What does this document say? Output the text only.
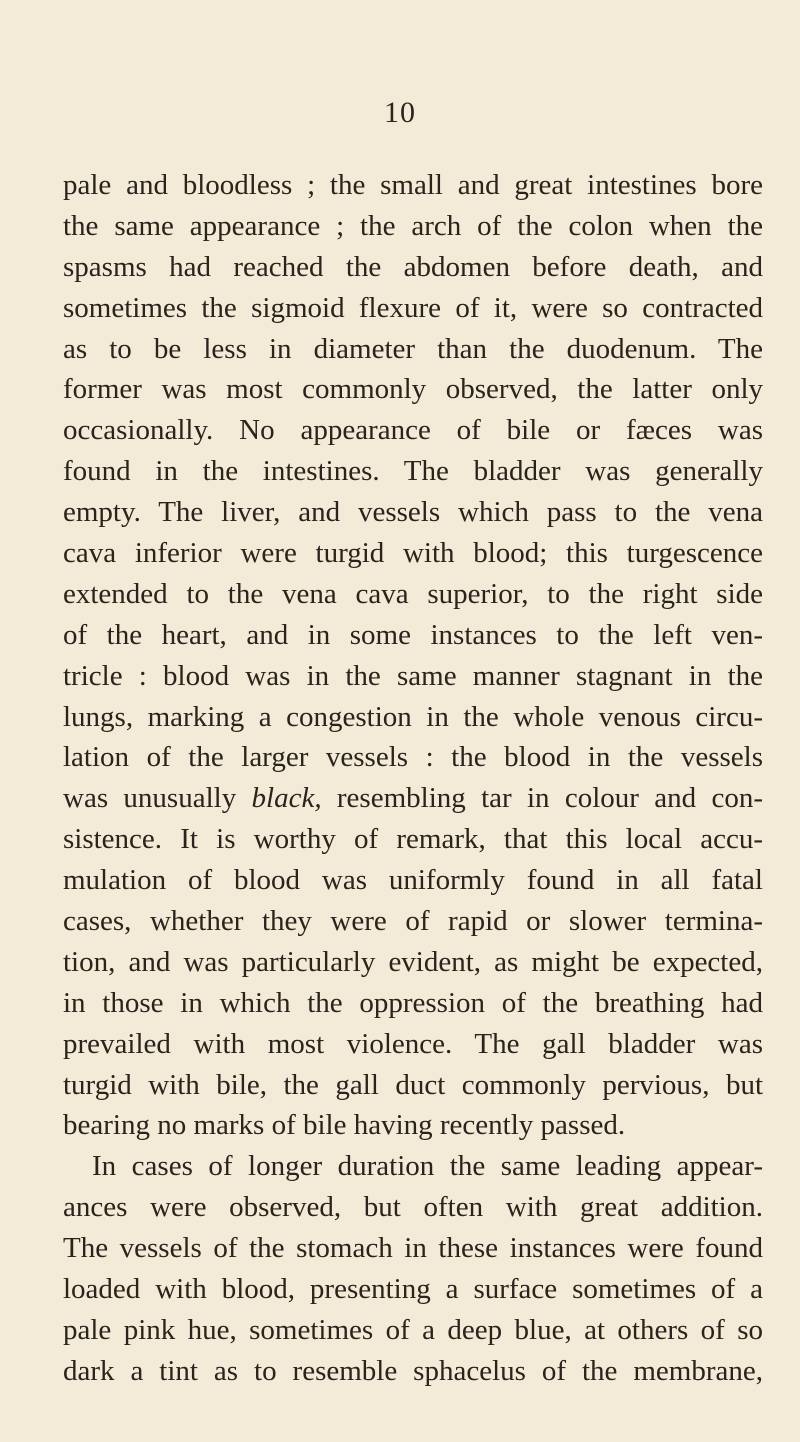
10
pale and bloodless ; the small and great intestines bore
the same appearance ; the arch of the colon when the
spasms had reached the abdomen before death, and
sometimes the sigmoid flexure of it, were so contracted
as to be less in diameter than the duodenum. The
former was most commonly observed, the latter only
occasionally. No appearance of bile or fæces was
found in the intestines. The bladder was generally
empty. The liver, and vessels which pass to the vena
cava inferior were turgid with blood; this turgescence
extended to the vena cava superior, to the right side
of the heart, and in some instances to the left ven-
tricle : blood was in the same manner stagnant in the
lungs, marking a congestion in the whole venous circu-
lation of the larger vessels : the blood in the vessels
was unusually black, resembling tar in colour and con-
sistence. It is worthy of remark, that this local accu-
mulation of blood was uniformly found in all fatal
cases, whether they were of rapid or slower termina-
tion, and was particularly evident, as might be expected,
in those in which the oppression of the breathing had
prevailed with most violence. The gall bladder was
turgid with bile, the gall duct commonly pervious, but
bearing no marks of bile having recently passed.
In cases of longer duration the same leading appear-
ances were observed, but often with great addition.
The vessels of the stomach in these instances were found
loaded with blood, presenting a surface sometimes of a
pale pink hue, sometimes of a deep blue, at others of so
dark a tint as to resemble sphacelus of the membrane,
